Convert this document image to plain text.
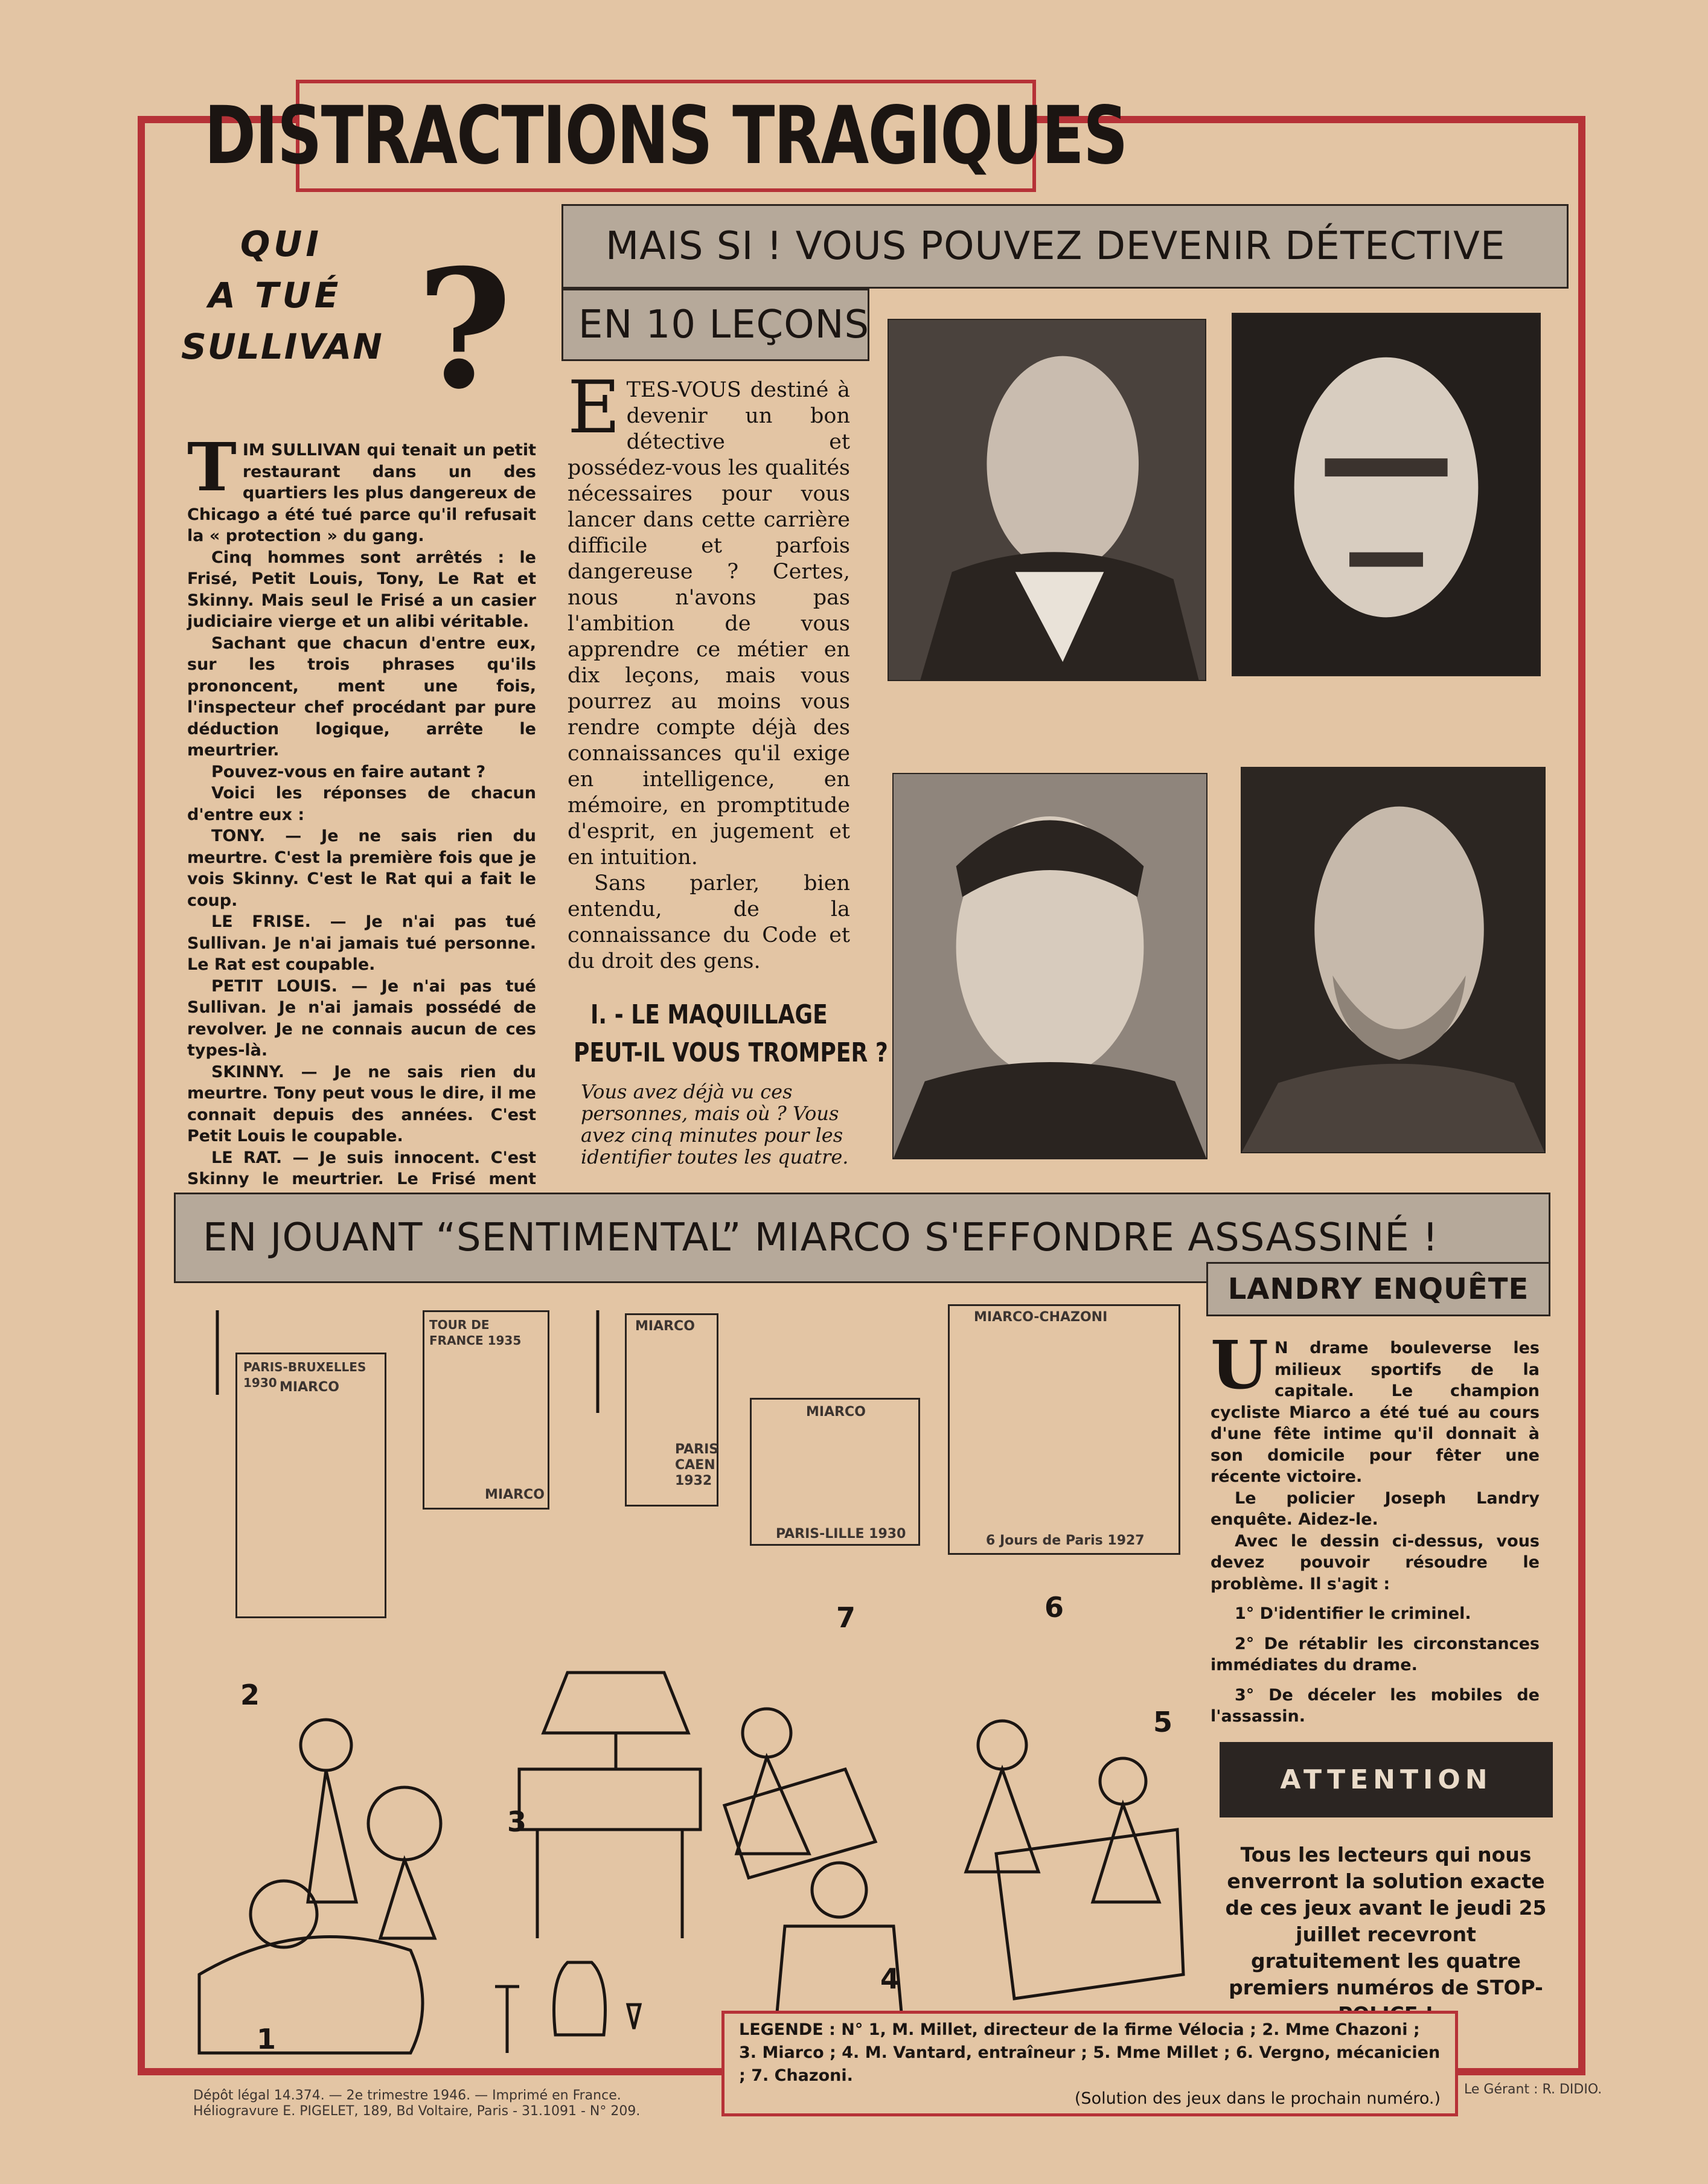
DISTRACTIONS TRAGIQUES
QUI
A TUÉ
SULLIVAN ?

TIM SULLIVAN qui tenait un petit restaurant dans un des quartiers les plus dangereux de Chicago a été tué parce qu'il refusait la « protection » du gang.

Cinq hommes sont arrêtés : le Frisé, Petit Louis, Tony, Le Rat et Skinny. Mais seul le Frisé a un casier judiciaire vierge et un alibi véritable.

Sachant que chacun d'entre eux, sur les trois phrases qu'ils prononcent, ment une fois, l'inspecteur chef procédant par pure déduction logique, arrête le meurtrier.

Pouvez-vous en faire autant ?

Voici les réponses de chacun d'entre eux :

TONY. — Je ne sais rien du meurtre. C'est la première fois que je vois Skinny. C'est le Rat qui a fait le coup.

LE FRISE. — Je n'ai pas tué Sullivan. Je n'ai jamais tué personne. Le Rat est coupable.

PETIT LOUIS. — Je n'ai pas tué Sullivan. Je n'ai jamais possédé de revolver. Je ne connais aucun de ces types-là.

SKINNY. — Je ne sais rien du meurtre. Tony peut vous le dire, il me connait depuis des années. C'est Petit Louis le coupable.

LE RAT. — Je suis innocent. C'est Skinny le meurtrier. Le Frisé ment

MAIS SI ! VOUS POUVEZ DEVENIR DÉTECTIVE
EN 10 LEÇONS

ETES-VOUS destiné à devenir un bon détective et possédez-vous les qualités nécessaires pour vous lancer dans cette carrière difficile et parfois dangereuse ? Certes, nous n'avons pas l'ambition de vous apprendre ce métier en dix leçons, mais vous pourrez au moins vous rendre compte déjà des connaissances qu'il exige en intelligence, en mémoire, en promptitude d'esprit, en jugement et en intuition.

Sans parler, bien entendu, de la connaissance du Code et du droit des gens.

I. - LE MAQUILLAGE
PEUT-IL VOUS TROMPER ?
Vous avez déjà vu ces personnes, mais où ? Vous avez cinq minutes pour les identifier toutes les quatre.
EN JOUANT “SENTIMENTAL” MIARCO S'EFFONDRE ASSASSINÉ !
LANDRY ENQUÊTE
PARIS-BRUXELLES 1930 MIARCO
TOUR DE FRANCE 1935
MIARCO
MIARCO
PARIS CAEN 1932
MIARCO
PARIS-LILLE 1930
MIARCO-CHAZONI
6 Jours de Paris 1927
1
2
3
4
5
6
7

U N drame bouleverse les milieux sportifs de la capitale. Le champion cycliste Miarco a été tué au cours d'une fête intime qu'il donnait à son domicile pour fêter une récente victoire.

Le policier Joseph Landry enquête. Aidez-le.

Avec le dessin ci-dessus, vous devez pouvoir résoudre le problème. Il s'agit :

1° D'identifier le criminel.

2° De rétablir les circonstances immédiates du drame.

3° De déceler les mobiles de l'assassin.

ATTENTION
Tous les lecteurs qui nous enverront la solution exacte de ces jeux avant le jeudi 25 juillet recevront gratuitement les quatre premiers numéros de STOP-
LEGENDE : N° 1, M. Millet, directeur de la firme Vélocia ; 2. Mme Chazoni ; 3. Miarco ; 4. M. Vantard, entraîneur ; 5. Mme Millet ; 6. Vergno, mécanicien ; 7. Chazoni.
(Solution des jeux dans le prochain numéro.)
Dépôt légal 14.374. — 2e trimestre 1946. — Imprimé en France.
Héliogravure E. PIGELET, 189, Bd Voltaire, Paris - 31.1091 - N° 209.
Le Gérant : R. DIDIO.
